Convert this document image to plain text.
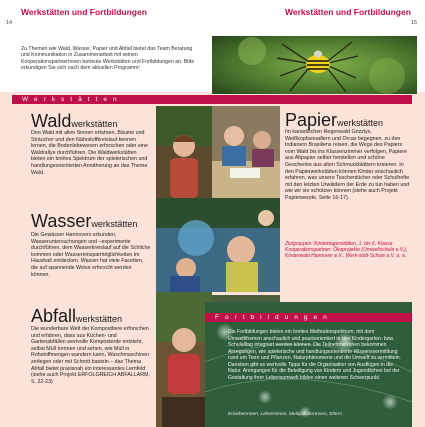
Werkstätten und Fortbildungen	Werkstätten und Fortbildungen
14	15
Zu Themen wie Wald, Wasser, Papier und Abfall bietet das Team Beratung und Kommunikation in Zusammenarbeit mit seinen KooperationspartnerInnen betreute Werkstätten und Fortbildungen an. Bitte erkundigen Sie sich nach dem aktuellen Programm!
Werkstätten
Waldwerkstätten
Den Wald mit allen Sinnen erfahren, Bäume und Sträucher und den Nährstoffkreislauf kennen lernen, die Bodenlebewesen erforschen oder eine Waldrallye durchführen. Die Waldwerkstätten bieten ein breites Spektrum der spielerischen und handlungsorientierten Annäherung an das Thema Wald.
Wasserwerkstätten
Die Gewässer Hannovers erkunden, Wasseruntersuchungen und –experimente durchführen, dem Wasserkreislauf auf die Schliche kommen oder Wassereinsparmöglichkeiten im Haushalt entdecken. Wasser hat viele Facetten, die auf spannende Weise erforscht werden können.
Abfallwerkstätten
Die wunderbare Welt der Komposttiere erforschen und erfahren, dass aus Küchen- und Gartenabfällen wertvolle Komposterde entsteht, selbst Müll trennen und sehen, wie Müll in Rohstoffmengen wandern kann, Waschmaschinen zerlegen oder mit Schrott basteln – das Thema Abfall bietet praxisnah ein interessantes Lernfeld (siehe auch Projekt ERFOLGREICH ABFALLARM, S. 22-23)
Papierwerkstätten
Im kanadischen Regenwald Grizzlys, Weißkopfseeadlern und Orcas begegnen, zu den Indianern Brasiliens reisen, die Wege des Papiers vom Wald bis ins Klassenzimmer verfolgen, Papiere aus Altpapier selber herstellen und schöne Geschenke aus alten Schmuckblättern kreieren. In den Papierwerkstätten können Kinder anschaulich erfahren, was unsere Taschentücher oder Schulhefte mit den letzten Urwäldern der Erde zu tun haben und wie wir sie schützen können (siehe auch Projekt Papierwende, Seite 16-17).
Zielgruppen: Kindertagesstätten, 1. bis 6. Klasse Kooperationspartner: Ökoprojekte (Umweltschule e.V.), Kinderwald Hannover e.V., Werk-statt-Schule e.V. u. a.
Fortbildungen
Die Fortbildungen bieten ein breites Methodenspektrum, mit dem Umweltthemen anschaulich und praxisorientiert in den Kindergarten- bzw. Schulalltag integriert werden können. Die TeilnehmerInnen bekommen Anregungen, wie spielerische und handlungsorientierte Wissensvermittlung rund um Tiere und Pflanzen, Naturphänomene und die Umwelt zu vermitteln. Daneben gibt es wertvolle Tipps für die Organisation von Ausflügen in die Natur. Anregungen für die Beteiligung von Kindern und Jugendlichen bei der Gestaltung ihrer Lebensumwelt bilden einen weiteren Schwerpunkt.
ErzieherInnen, LehrerInnen, MultiplikatorInnen, Eltern
